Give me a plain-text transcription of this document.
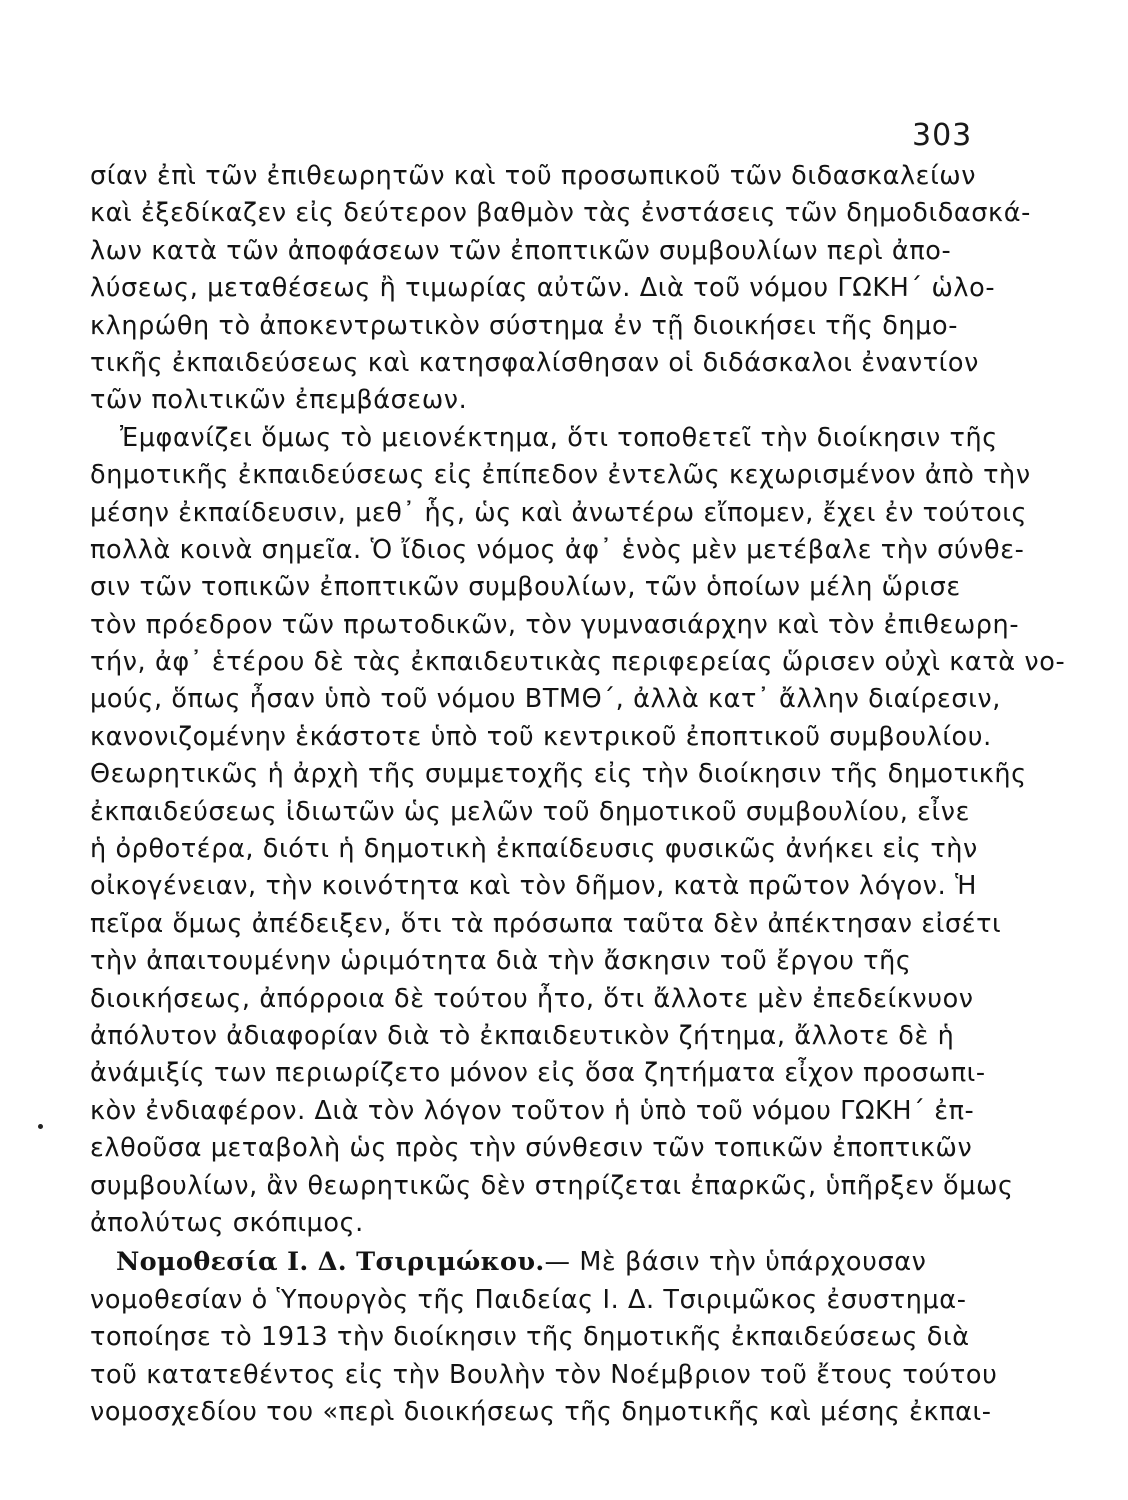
303
σίαν ἐπὶ τῶν ἐπιθεωρητῶν καὶ τοῦ προσωπικοῦ τῶν διδασκαλείων
καὶ ἐξεδίκαζεν εἰς δεύτερον βαθμὸν τὰς ἐνστάσεις τῶν δημοδιδασκά-
λων κατὰ τῶν ἀποφάσεων τῶν ἐποπτικῶν συμβουλίων περὶ ἀπο-
λύσεως, μεταθέσεως ἢ τιμωρίας αὐτῶν. Διὰ τοῦ νόμου ΓΩΚΗ΄ ὡλο-
κληρώθη τὸ ἀποκεντρωτικὸν σύστημα ἐν τῇ διοικήσει τῆς δημο-
τικῆς ἐκπαιδεύσεως καὶ κατησφαλίσθησαν οἱ διδάσκαλοι ἐναντίον
τῶν πολιτικῶν ἐπεμβάσεων.
Ἐμφανίζει ὅμως τὸ μειονέκτημα, ὅτι τοποθετεῖ τὴν διοίκησιν τῆς
δημοτικῆς ἐκπαιδεύσεως εἰς ἐπίπεδον ἐντελῶς κεχωρισμένον ἀπὸ τὴν
μέσην ἐκπαίδευσιν, μεθ᾽ ἧς, ὡς καὶ ἀνωτέρω εἴπομεν, ἔχει ἐν τούτοις
πολλὰ κοινὰ σημεῖα. Ὁ ἴδιος νόμος ἀφ᾽ ἑνὸς μὲν μετέβαλε τὴν σύνθε-
σιν τῶν τοπικῶν ἐποπτικῶν συμβουλίων, τῶν ὁποίων μέλη ὥρισε
τὸν πρόεδρον τῶν πρωτοδικῶν, τὸν γυμνασιάρχην καὶ τὸν ἐπιθεωρη-
τήν, ἀφ᾽ ἑτέρου δὲ τὰς ἐκπαιδευτικὰς περιφερείας ὥρισεν οὐχὶ κατὰ νο-
μούς, ὅπως ἦσαν ὑπὸ τοῦ νόμου ΒΤΜΘ΄, ἀλλὰ κατ᾽ ἄλλην διαίρεσιν,
κανονιζομένην ἑκάστοτε ὑπὸ τοῦ κεντρικοῦ ἐποπτικοῦ συμβουλίου.
Θεωρητικῶς ἡ ἀρχὴ τῆς συμμετοχῆς εἰς τὴν διοίκησιν τῆς δημοτικῆς
ἐκπαιδεύσεως ἰδιωτῶν ὡς μελῶν τοῦ δημοτικοῦ συμβουλίου, εἶνε
ἡ ὀρθοτέρα, διότι ἡ δημοτικὴ ἐκπαίδευσις φυσικῶς ἀνήκει εἰς τὴν
οἰκογένειαν, τὴν κοινότητα καὶ τὸν δῆμον, κατὰ πρῶτον λόγον. Ἡ
πεῖρα ὅμως ἀπέδειξεν, ὅτι τὰ πρόσωπα ταῦτα δὲν ἀπέκτησαν εἰσέτι
τὴν ἀπαιτουμένην ὡριμότητα διὰ τὴν ἄσκησιν τοῦ ἔργου τῆς
διοικήσεως, ἀπόρροια δὲ τούτου ἦτο, ὅτι ἄλλοτε μὲν ἐπεδείκνυον
ἀπόλυτον ἀδιαφορίαν διὰ τὸ ἐκπαιδευτικὸν ζήτημα, ἄλλοτε δὲ ἡ
ἀνάμιξίς των περιωρίζετο μόνον εἰς ὅσα ζητήματα εἶχον προσωπι-
κὸν ἐνδιαφέρον. Διὰ τὸν λόγον τοῦτον ἡ ὑπὸ τοῦ νόμου ΓΩΚΗ΄ ἐπ-
ελθοῦσα μεταβολὴ ὡς πρὸς τὴν σύνθεσιν τῶν τοπικῶν ἐποπτικῶν
συμβουλίων, ἂν θεωρητικῶς δὲν στηρίζεται ἐπαρκῶς, ὑπῆρξεν ὅμως
ἀπολύτως σκόπιμος.
Νομοθεσία Ι. Δ. Τσιριμώκου.— Μὲ βάσιν τὴν ὑπάρχουσαν
νομοθεσίαν ὁ Ὑπουργὸς τῆς Παιδείας Ι. Δ. Τσιριμῶκος ἐσυστημα-
τοποίησε τὸ 1913 τὴν διοίκησιν τῆς δημοτικῆς ἐκπαιδεύσεως διὰ
τοῦ κατατεθέντος εἰς τὴν Βουλὴν τὸν Νοέμβριον τοῦ ἔτους τούτου
νομοσχεδίου του «περὶ διοικήσεως τῆς δημοτικῆς καὶ μέσης ἐκπαι-
